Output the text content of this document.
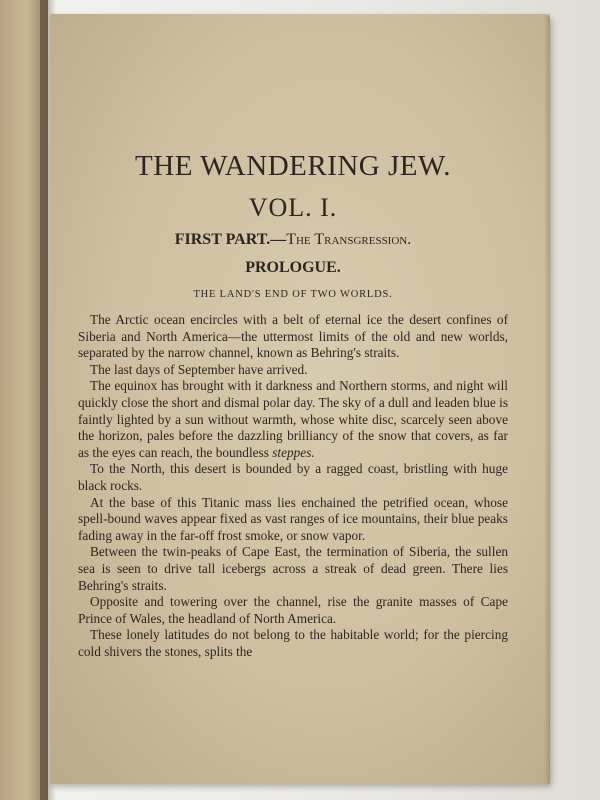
THE WANDERING JEW.
VOL. I.
FIRST PART.—The Transgression.
PROLOGUE.
THE LAND'S END OF TWO WORLDS.

The Arctic ocean encircles with a belt of eternal ice the desert confines of Siberia and North America—the uttermost limits of the old and new worlds, separated by the narrow channel, known as Behring's straits.

The last days of September have arrived.

The equinox has brought with it darkness and Northern storms, and night will quickly close the short and dismal polar day. The sky of a dull and leaden blue is faintly lighted by a sun without warmth, whose white disc, scarcely seen above the horizon, pales before the dazzling brilliancy of the snow that covers, as far as the eyes can reach, the boundless steppes.

To the North, this desert is bounded by a ragged coast, bristling with huge black rocks.

At the base of this Titanic mass lies enchained the petrified ocean, whose spell-bound waves appear fixed as vast ranges of ice mountains, their blue peaks fading away in the far-off frost smoke, or snow vapor.

Between the twin-peaks of Cape East, the termination of Siberia, the sullen sea is seen to drive tall icebergs across a streak of dead green. There lies Behring's straits.

Opposite and towering over the channel, rise the granite masses of Cape Prince of Wales, the headland of North America.

These lonely latitudes do not belong to the habitable world; for the piercing cold shivers the stones, splits the
